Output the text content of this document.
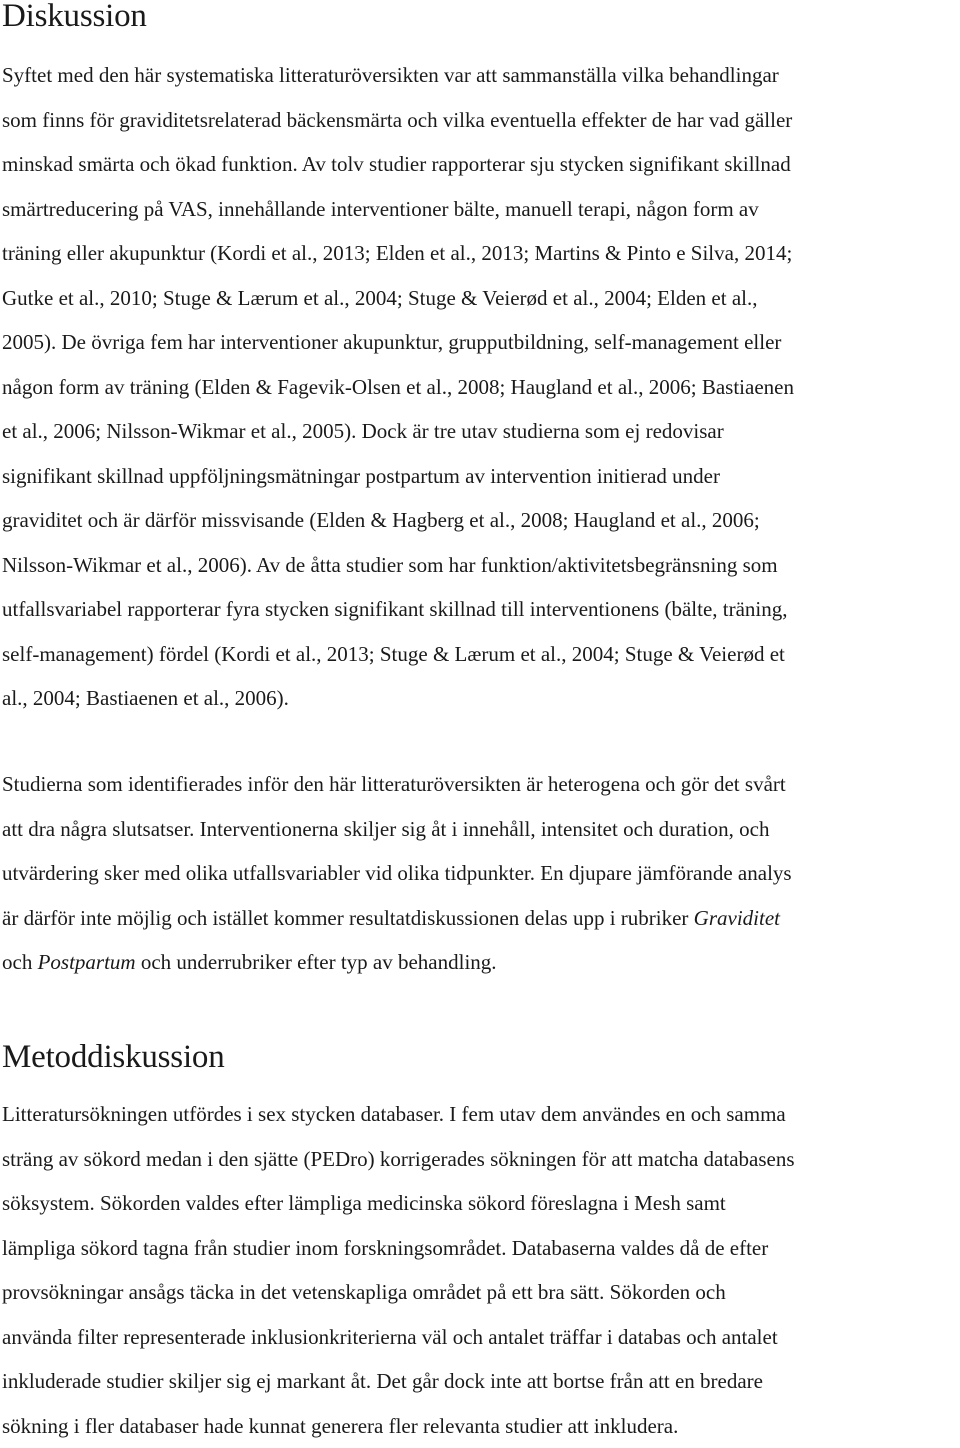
Diskussion
Syftet med den här systematiska litteraturöversikten var att sammanställa vilka behandlingar
som finns för graviditetsrelaterad bäckensmärta och vilka eventuella effekter de har vad gäller
minskad smärta och ökad funktion. Av tolv studier rapporterar sju stycken signifikant skillnad
smärtreducering på VAS, innehållande interventioner bälte, manuell terapi, någon form av
träning eller akupunktur (Kordi et al., 2013; Elden et al., 2013; Martins & Pinto e Silva, 2014;
Gutke et al., 2010; Stuge & Lærum et al., 2004; Stuge & Veierød et al., 2004; Elden et al.,
2005). De övriga fem har interventioner akupunktur, grupputbildning, self-management eller
någon form av träning (Elden & Fagevik-Olsen et al., 2008; Haugland et al., 2006; Bastiaenen
et al., 2006; Nilsson-Wikmar et al., 2005). Dock är tre utav studierna som ej redovisar
signifikant skillnad uppföljningsmätningar postpartum av intervention initierad under
graviditet och är därför missvisande (Elden & Hagberg et al., 2008; Haugland et al., 2006;
Nilsson-Wikmar et al., 2006). Av de åtta studier som har funktion/aktivitetsbegränsning som
utfallsvariabel rapporterar fyra stycken signifikant skillnad till interventionens (bälte, träning,
self-management) fördel (Kordi et al., 2013; Stuge & Lærum et al., 2004; Stuge & Veierød et
al., 2004; Bastiaenen et al., 2006).
Studierna som identifierades inför den här litteraturöversikten är heterogena och gör det svårt
att dra några slutsatser. Interventionerna skiljer sig åt i innehåll, intensitet och duration, och
utvärdering sker med olika utfallsvariabler vid olika tidpunkter. En djupare jämförande analys
är därför inte möjlig och istället kommer resultatdiskussionen delas upp i rubriker Graviditet
och Postpartum och underrubriker efter typ av behandling.
Metoddiskussion
Litteratursökningen utfördes i sex stycken databaser. I fem utav dem användes en och samma
sträng av sökord medan i den sjätte (PEDro) korrigerades sökningen för att matcha databasens
söksystem. Sökorden valdes efter lämpliga medicinska sökord föreslagna i Mesh samt
lämpliga sökord tagna från studier inom forskningsområdet. Databaserna valdes då de efter
provsökningar ansågs täcka in det vetenskapliga området på ett bra sätt. Sökorden och
använda filter representerade inklusionkriterierna väl och antalet träffar i databas och antalet
inkluderade studier skiljer sig ej markant åt. Det går dock inte att bortse från att en bredare
sökning i fler databaser hade kunnat generera fler relevanta studier att inkludera.
